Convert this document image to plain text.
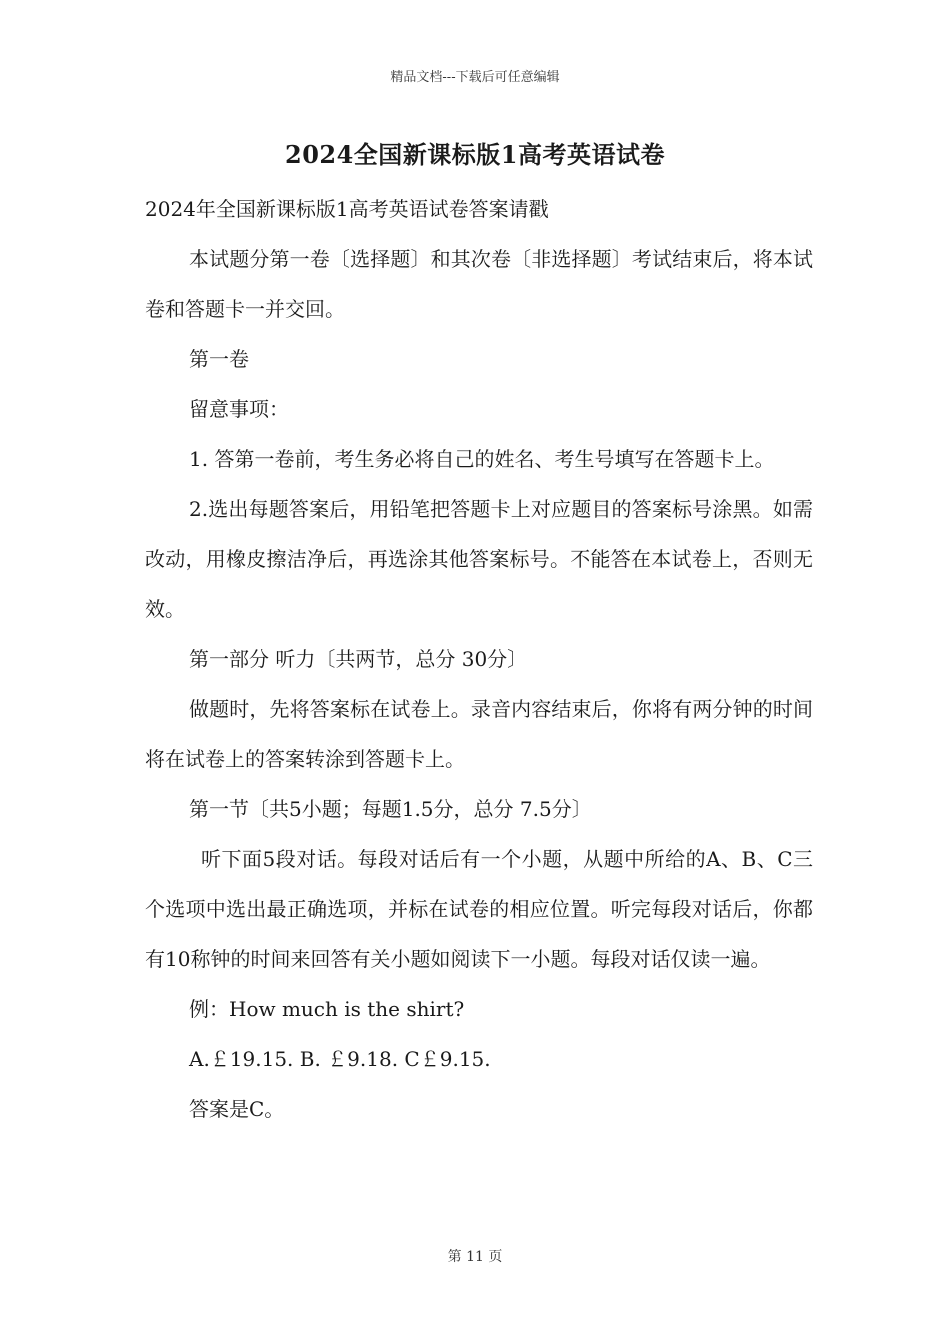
精品文档---下载后可任意编辑
2024全国新课标版1高考英语试卷

2024年全国新课标版1高考英语试卷答案请戳

本试题分第一卷〔选择题〕和其次卷〔非选择题〕考试结束后，将本试卷和答题卡一并交回。

第一卷

留意事项：

1. 答第一卷前，考生务必将自己的姓名、考生号填写在答题卡上。

2.选出每题答案后，用铅笔把答题卡上对应题目的答案标号涂黑。如需改动，用橡皮擦洁净后，再选涂其他答案标号。不能答在本试卷上，否则无效。

第一部分 听力〔共两节，总分 30分〕

做题时，先将答案标在试卷上。录音内容结束后，你将有两分钟的时间将在试卷上的答案转涂到答题卡上。

第一节〔共5小题；每题1.5分，总分 7.5分〕

听下面5段对话。每段对话后有一个小题，从题中所给的A、B、C三个选项中选出最正确选项，并标在试卷的相应位置。听完每段对话后，你都有10称钟的时间来回答有关小题如阅读下一小题。每段对话仅读一遍。

例：How much is the shirt?

A.￡19.15. B. ￡9.18. C￡9.15.

答案是C。

第 11 页
